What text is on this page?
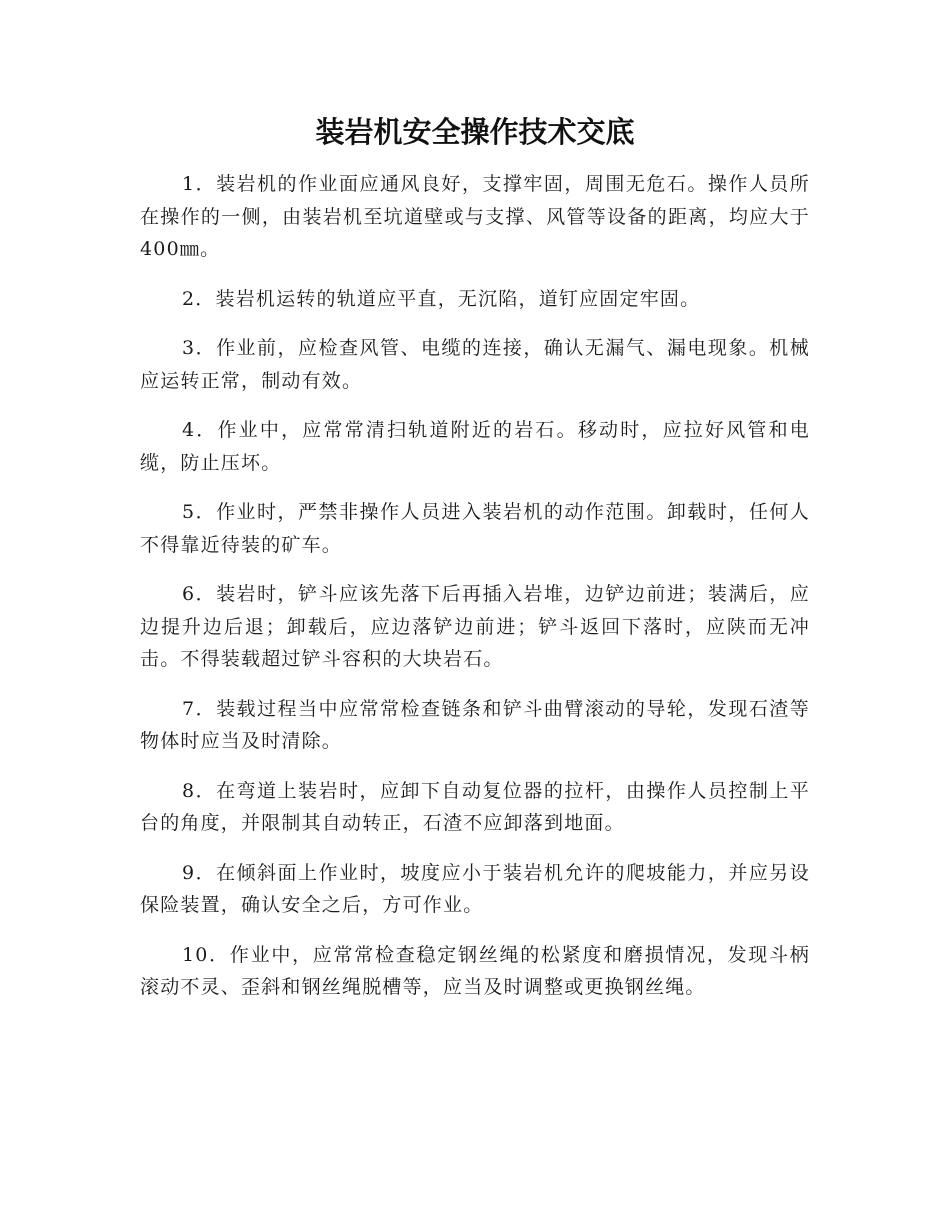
装岩机安全操作技术交底

1．装岩机的作业面应通风良好，支撑牢固，周围无危石。操作人员所在操作的一侧，由装岩机至坑道壁或与支撑、风管等设备的距离，均应大于400㎜。

2．装岩机运转的轨道应平直，无沉陷，道钉应固定牢固。

3．作业前，应检查风管、电缆的连接，确认无漏气、漏电现象。机械应运转正常，制动有效。

4．作业中，应常常清扫轨道附近的岩石。移动时，应拉好风管和电缆，防止压坏。

5．作业时，严禁非操作人员进入装岩机的动作范围。卸载时，任何人不得靠近待装的矿车。

6．装岩时，铲斗应该先落下后再插入岩堆，边铲边前进；装满后，应边提升边后退；卸载后，应边落铲边前进；铲斗返回下落时，应陕而无冲击。不得装载超过铲斗容积的大块岩石。

7．装载过程当中应常常检查链条和铲斗曲臂滚动的导轮，发现石渣等物体时应当及时清除。

8．在弯道上装岩时，应卸下自动复位器的拉杆，由操作人员控制上平台的角度，并限制其自动转正，石渣不应卸落到地面。

9．在倾斜面上作业时，坡度应小于装岩机允许的爬坡能力，并应另设保险装置，确认安全之后，方可作业。

10．作业中，应常常检查稳定钢丝绳的松紧度和磨损情况，发现斗柄滚动不灵、歪斜和钢丝绳脱槽等，应当及时调整或更换钢丝绳。
